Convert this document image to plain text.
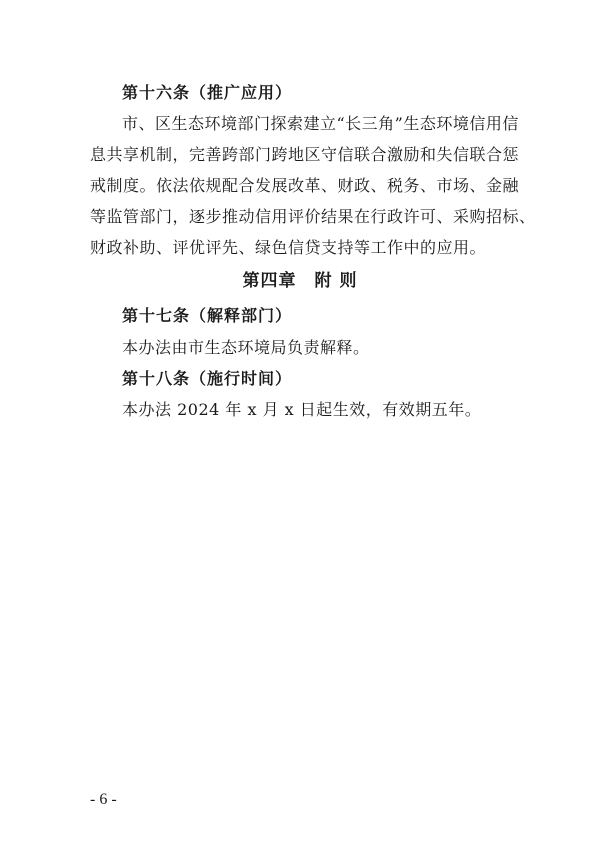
第十六条（推广应用）
市、区生态环境部门探索建立“长三角”生态环境信用信
息共享机制，完善跨部门跨地区守信联合激励和失信联合惩
戒制度。依法依规配合发展改革、财政、税务、市场、金融
等监管部门，逐步推动信用评价结果在行政许可、采购招标、
财政补助、评优评先、绿色信贷支持等工作中的应用。
第四章　附 则
第十七条（解释部门）
本办法由市生态环境局负责解释。
第十八条（施行时间）
本办法 2024 年 x 月 x 日起生效，有效期五年。
- 6 -
